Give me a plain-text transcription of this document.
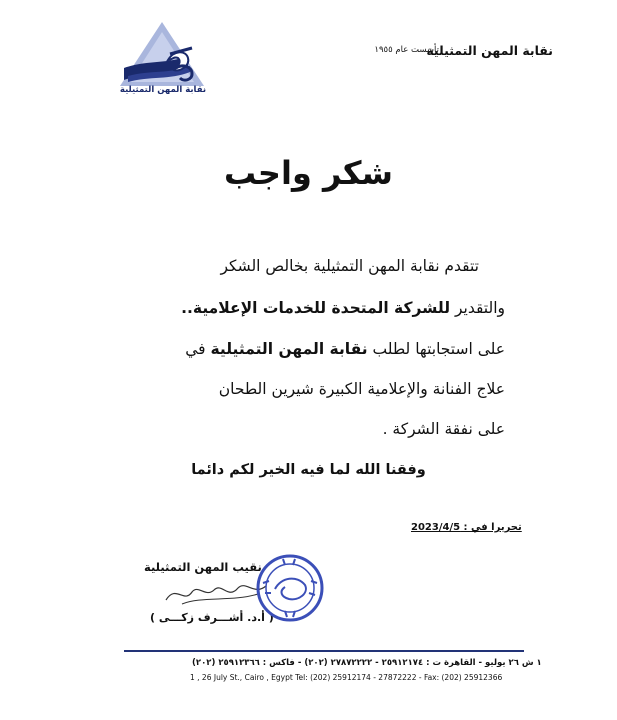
نقابة المهن التمثيلية
نقابة المهن التمثيلية
تأسست عام ١٩٥٥
شكر واجب
تتقدم نقابة المهن التمثيلية بخالص الشكر
والتقدير للشركة المتحدة للخدمات الإعلامية..
على استجابتها لطلب نقابة المهن التمثيلية في
علاج الفنانة والإعلامية الكبيرة شيرين الطحان
على نفقة الشركة .
وفقنا الله لما فيه الخير لكم دائما
تحريرا في : 2023/4/5
نقيب المهن التمثيلية
( أ.د. أشـــرف زكـــى )
١ ش ٢٦ يوليو - القاهرة ت : ٢٥٩١٢١٧٤ - ٢٧٨٧٢٢٢٢ (٢٠٢) - فاكس : ٢٥٩١٢٣٦٦ (٢٠٢)
1 , 26 July St., Cairo , Egypt Tel: (202) 25912174 - 27872222 - Fax: (202) 25912366
